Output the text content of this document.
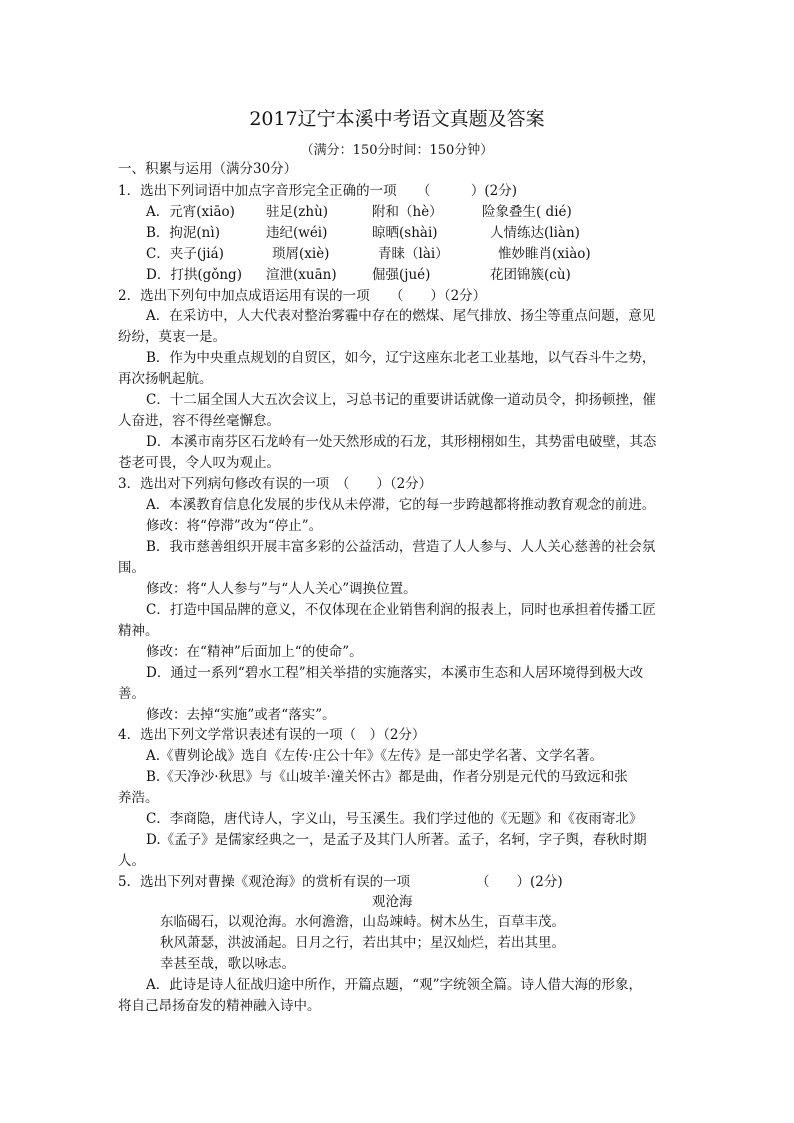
2017辽宁本溪中考语文真题及答案
（满分：150分时间：150分钟）
一、积累与运用（满分30分）
1．选出下列词语中加点字音形完全正确的一项　　（　　　）(2分)
A．元宵(xiāo) 驻足(zhù)	附和（hè）	险象叠生( dié)
B．拘泥(nì)	违纪(wéi)	晾晒(shài)	人情练达(liàn)
C．夹子(jiá)	琐屑(xiè)	青睐（lài）	惟妙睢肖(xiào)
D．打拱(gǒng) 渲泄(xuān)	倔强(jué)	花团锦簇(cù)
2．选出下列句中加点成语运用有误的一项　　（　　）（2分）
A．在采访中，人大代表对整治雾霾中存在的燃煤、尾气排放、扬尘等重点问题，意见
纷纷，莫衷一是。
B．作为中央重点规划的自贸区，如今，辽宁这座东北老工业基地，以气吞斗牛之势，
再次扬帆起航。
C．十二届全国人大五次会议上，习总书记的重要讲话就像一道动员令，抑扬顿挫，催
人奋进，容不得丝毫懈怠。
D．本溪市南芬区石龙岭有一处天然形成的石龙，其形栩栩如生，其势雷电破壁，其态
苍老可畏，令人叹为观止。
3．选出对下列病句修改有误的一项　（　　）（2分）
A．本溪教育信息化发展的步伐从未停滞，它的每一步跨越都将推动教育观念的前进。
修改：将“停滞”改为“停止”。
B．我市慈善组织开展丰富多彩的公益活动，营造了人人参与、人人关心慈善的社会氛
围。
修改：将“人人参与”与“人人关心”调换位置。
C．打造中国品牌的意义，不仅体现在企业销售利润的报表上，同时也承担着传播工匠
精神。
修改：在“精神”后面加上“的使命”。
D．通过一系列“碧水工程”相关举措的实施落实，本溪市生态和人居环境得到极大改
善。
修改：去掉“实施”或者“落实”。
4．选出下列文学常识表述有误的一项（　）（2分）
A.《曹刿论战》选自《左传·庄公十年》《左传》是一部史学名著、文学名著。
B.《天净沙·秋思》与《山坡羊·潼关怀古》都是曲，作者分别是元代的马致远和张
养浩。
C．李商隐，唐代诗人，字义山，号玉溪生。我们学过他的《无题》和《夜雨寄北》
D.《孟子》是儒家经典之一，是孟子及其门人所著。孟子，名轲，字子舆，春秋时期
人。
5．选出下列对曹操《观沧海》的赏析有误的一项	（　　）(2分)
观沧海
东临碣石，以观沧海。水何澹澹，山岛竦峙。树木丛生，百草丰茂。
秋风萧瑟，洪波涌起。日月之行，若出其中；星汉灿烂，若出其里。
幸甚至哉，歌以咏志。
A．此诗是诗人征战归途中所作，开篇点题，“观”字统领全篇。诗人借大海的形象，
将自己昂扬奋发的精神融入诗中。
